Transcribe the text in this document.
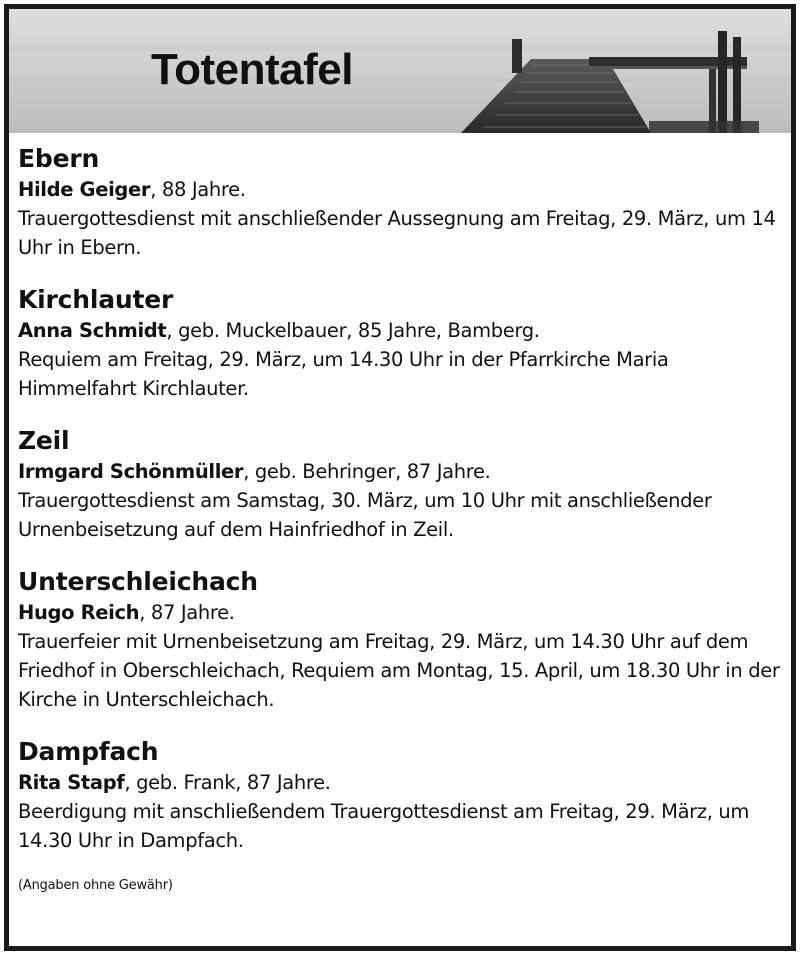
Totentafel
Ebern
Hilde Geiger, 88 Jahre.
Trauergottesdienst mit anschließender Aussegnung am Freitag, 29. März, um 14 Uhr in Ebern.
Kirchlauter
Anna Schmidt, geb. Muckelbauer, 85 Jahre, Bamberg.
Requiem am Freitag, 29. März, um 14.30 Uhr in der Pfarrkirche Maria Himmelfahrt Kirchlauter.
Zeil
Irmgard Schönmüller, geb. Behringer, 87 Jahre.
Trauergottesdienst am Samstag, 30. März, um 10 Uhr mit anschließender Urnenbeisetzung auf dem Hainfriedhof in Zeil.
Unterschleichach
Hugo Reich, 87 Jahre.
Trauerfeier mit Urnenbeisetzung am Freitag, 29. März, um 14.30 Uhr auf dem Friedhof in Oberschleichach, Requiem am Montag, 15. April, um 18.30 Uhr in der Kirche in Unterschleichach.
Dampfach
Rita Stapf, geb. Frank, 87 Jahre.
Beerdigung mit anschließendem Trauergottesdienst am Freitag, 29. März, um 14.30 Uhr in Dampfach.
(Angaben ohne Gewähr)
